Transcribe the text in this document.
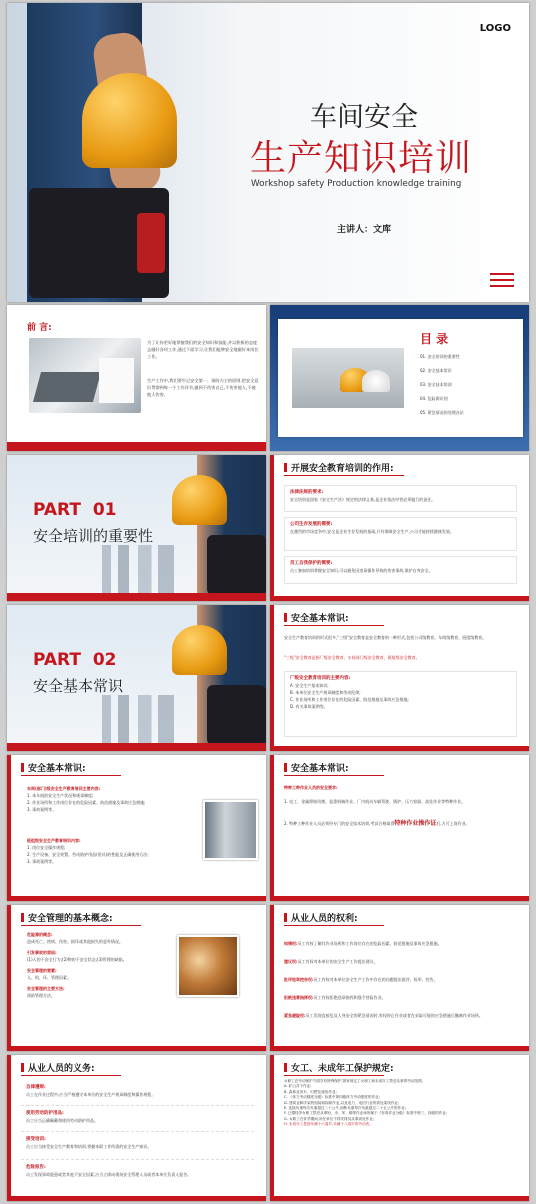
LOGO
车间安全
生产知识培训
Workshop safety Production knowledge training
主讲人：文库
前 言:
为了让你更好地掌握我们的安全知识和技能,并以积极的态度去做好各项工作,通过下面学习,让我们能够安全地做好本岗位工作。
生产工作中,我们要牢记安全第一、预防为主的原则,把安全意识贯彻到每一个工作环节,做到不伤害自己,不伤害他人,不被他人伤害。
目 录
01. 安全培训的重要性
02. 安全基本常识
03. 安全技术培训
04. 危险源识别
05. 紧急情况的处理办法
PART 01
安全培训的重要性
开展安全教育培训的作用:
法律法规的要求:
安全培训是国家《安全生产法》规定的法律义务,是企业依法经营必须履行的责任。
公司生存发展的需要:
在激烈的市场竞争中,安全是企业生存发展的基础,只有保障安全生产,公司才能持续健康发展。
员工自我保护的需要:
员工参加培训掌握安全知识,可以避免因违章操作导致的伤害事故,保护自身安全。
PART 02
安全基本常识
安全基本常识:
安全生产教育培训的形式很多,"三级"安全教育是安全教育的一种形式,包括公司级教育、车间级教育、班组级教育。
"三级"安全教育是指厂级安全教育、车间部门级安全教育、班组级安全教育。
厂级安全教育培训的主要内容:
A. 安全生产基本知识;
B. 本单位安全生产规章制度和劳动纪律;
C. 作业场所和工作岗位存在的危险因素、防范措施及事故应急措施;
D. 有关事故案例等。
安全基本常识:
车间(部门)级安全生产教育培训主要内容:
1. 本车间的安全生产状况和规章制度;
2. 作业场所和工作岗位存在的危险因素、防范措施及事故应急措施;
3. 事故案例等。
班组级安全生产教育培训内容:
1. 岗位安全操作规程;
2. 生产设备、安全装置、劳动防护用品(用具)的性能及正确使用方法;
3. 事故案例等。
安全基本常识:
特种工种作业人员的安全要求:
1. 电工、金属焊接切割、起重机械作业、厂内机动车辆驾驶、锅炉、压力容器、高处作业等特种作业。
2. 特种工种作业人员必须经专门的安全技术培训,考试合格取得特种作业操作证后,方可上岗作业。
安全管理的基本概念:
危险源的概念:
造成死亡、疾病、伤害、损坏或其他损失的意外情况。
引发事故的原因:
(1)人的不安全行为;(2)物的不安全状态;(3)管理的缺陷。
安全管理的要素:
人、机、环、管理因素。
安全管理的主要方法:
预防管理方法。
从业人员的权利:
知情权:员工有权了解其作业场所和工作岗位存在的危险因素、防范措施及事故应急措施。
建议权:员工有权对本单位的安全生产工作提出建议。
批评检举控告权:员工有权对本单位安全生产工作中存在的问题提出批评、检举、控告。
拒绝违章指挥权:员工有权拒绝违章指挥和强令冒险作业。
紧急避险权:员工发现直接危及人身安全的紧急情况时,有权停止作业或者在采取可能的应急措施后撤离作业场所。
从业人员的义务:
自律遵规:
员工在作业过程中,应当严格遵守本单位的安全生产规章制度和操作规程。
使用劳动防护用品:
员工应当正确佩戴和使用劳动防护用品。
接受培训:
员工应当接受安全生产教育和培训,掌握本职工作所需的安全生产知识。
危险报告:
员工发现事故隐患或者其他不安全因素,应当立即向现场安全管理人员或者本单位负责人报告。
女工、未成年工保护规定:
女职工在劳动保护方面享有特殊保护,国家规定了女职工和未成年工禁忌从事的劳动范围。
A. 矿山井下作业;
B. 森林业伐木、归楞及流放作业;
C. 《体力劳动强度分级》标准中第四级体力劳动强度的作业;
D. 建筑业脚手架的组装和拆除作业,以及电力、电信行业的高处架线作业;
E. 连续负重每次负重超过二十公斤,间断负重每次负重超过二十五公斤的作业;
F. 已婚待孕女职工禁忌从事铅、汞、苯、镉等作业场所属于《有毒作业分级》标准中第三、四级的作业;
G. 女职工在怀孕期间,所在单位不得安排其从事高处作业;
H. 未成年工是指年满十六周岁,未满十八周岁的劳动者。
